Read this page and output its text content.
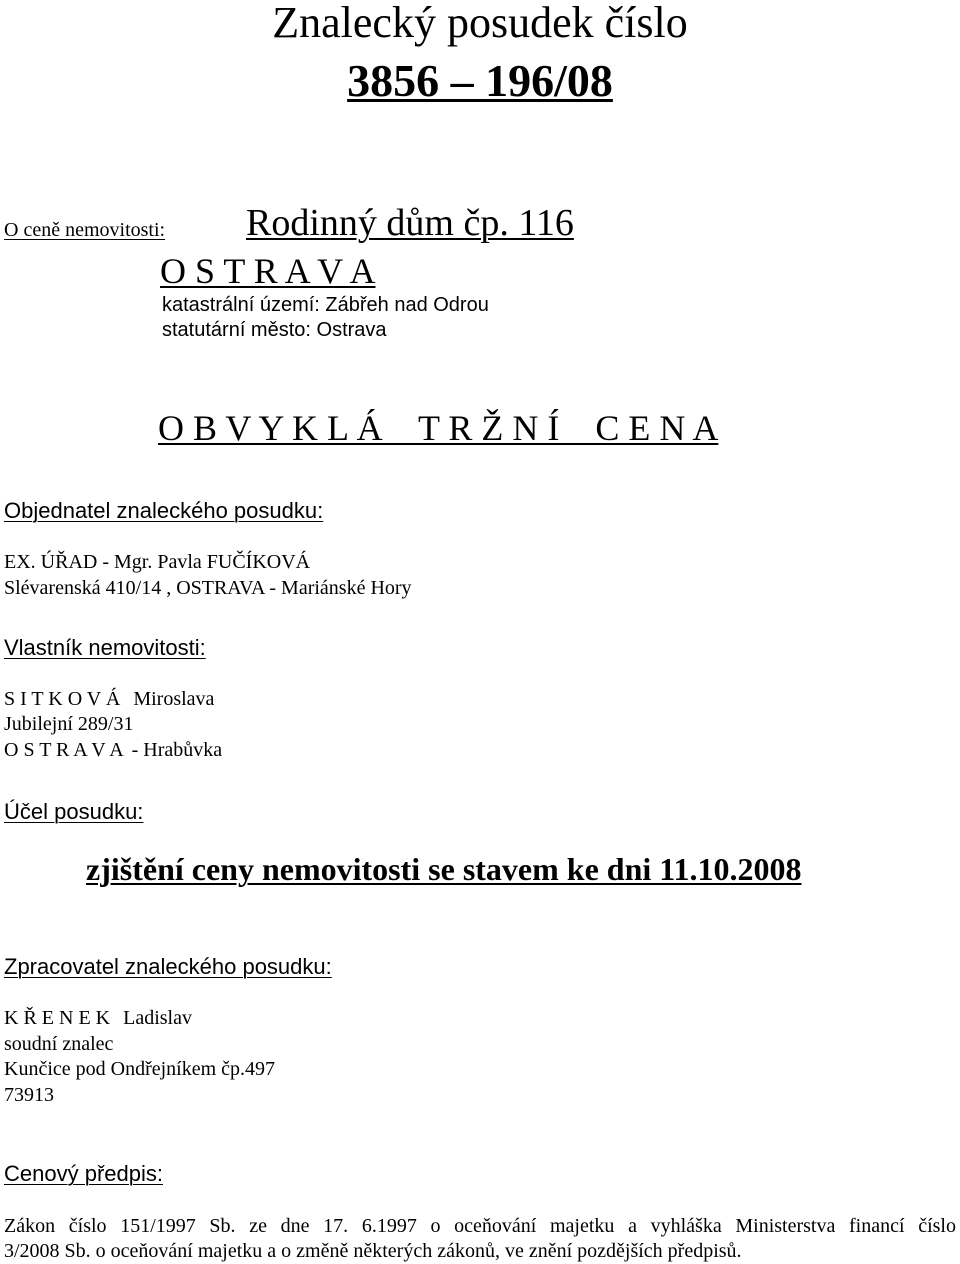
Znalecký posudek číslo
3856 – 196/08
O ceně nemovitosti: Rodinný dům čp. 116
O S T R A V A
katastrální území: Zábřeh nad Odrou
statutární město: Ostrava
O B V Y K L Á    T R Ž N Í    C E N A
Objednatel znaleckého posudku:
EX. ÚŘAD - Mgr. Pavla FUČÍKOVÁ
Slévarenská 410/14 , OSTRAVA - Mariánské Hory
Vlastník nemovitosti:
S I T K O V Á Miroslava
Jubilejní 289/31
O S T R A V A - Hrabůvka
Účel posudku:
zjištění ceny nemovitosti se stavem ke dni 11.10.2008
Zpracovatel znaleckého posudku:
K Ř E N E K Ladislav
soudní znalec
Kunčice pod Ondřejníkem čp.497
73913
Cenový předpis:
Zákon číslo 151/1997 Sb. ze dne 17. 6.1997 o oceňování majetku a vyhláška Ministerstva financí číslo
3/2008 Sb. o oceňování majetku a o změně některých zákonů, ve znění pozdějších předpisů.
